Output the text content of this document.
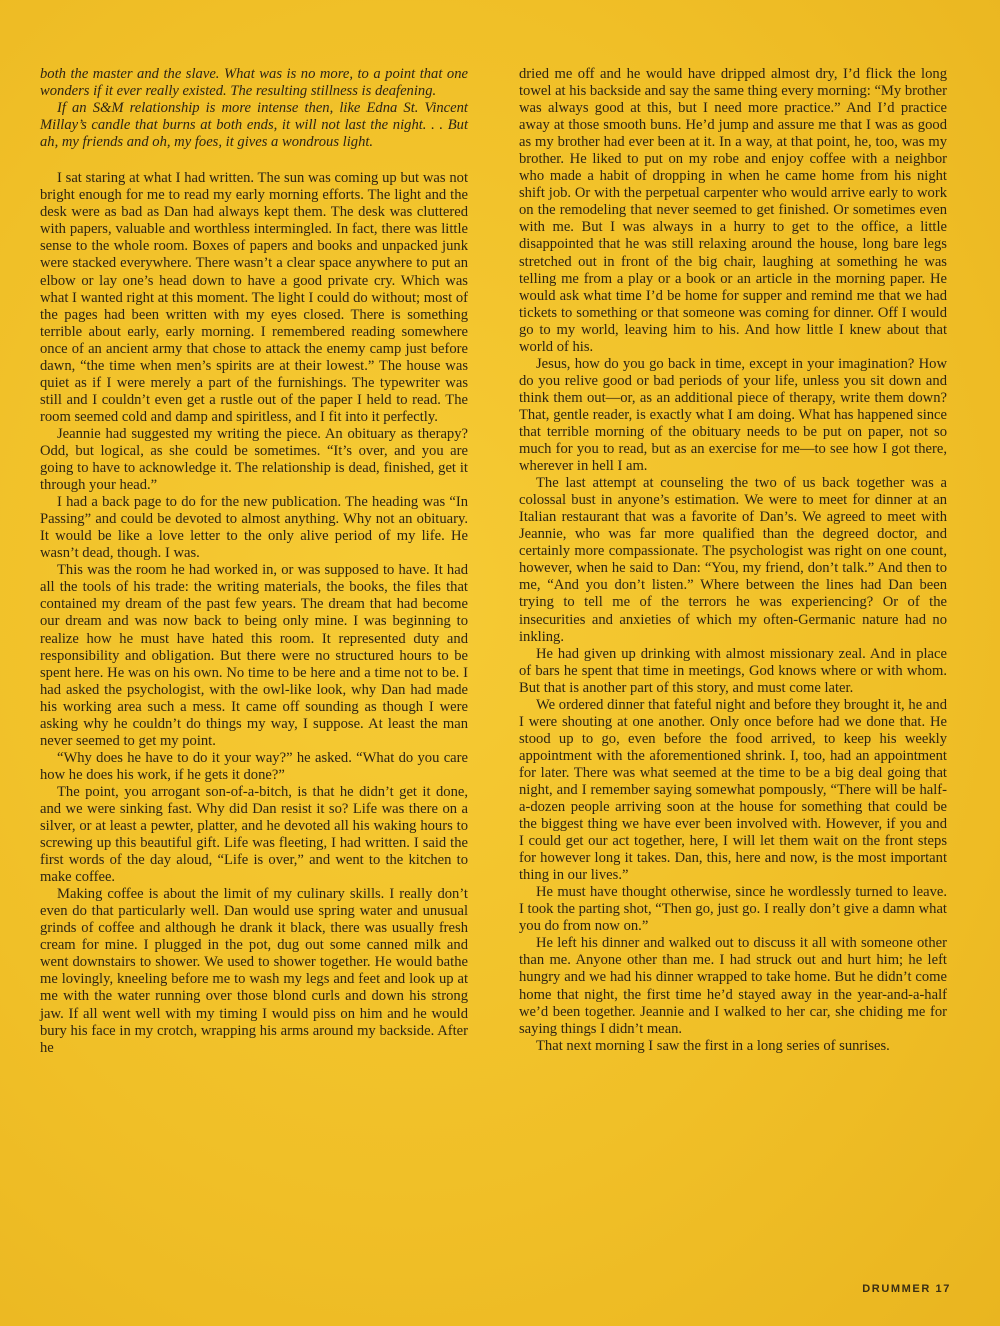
both the master and the slave. What was is no more, to a point that one wonders if it ever really existed. The resulting stillness is deafening.

If an S&M relationship is more intense then, like Edna St. Vincent Millay’s candle that burns at both ends, it will not last the night. . . But ah, my friends and oh, my foes, it gives a wondrous light.

I sat staring at what I had written. The sun was coming up but was not bright enough for me to read my early morning efforts. The light and the desk were as bad as Dan had always kept them. The desk was cluttered with papers, valuable and worthless intermingled. In fact, there was little sense to the whole room. Boxes of papers and books and unpacked junk were stacked everywhere. There wasn’t a clear space anywhere to put an elbow or lay one’s head down to have a good private cry. Which was what I wanted right at this moment. The light I could do without; most of the pages had been written with my eyes closed. There is something terrible about early, early morning. I remembered reading somewhere once of an ancient army that chose to attack the enemy camp just before dawn, “the time when men’s spirits are at their lowest.” The house was quiet as if I were merely a part of the furnishings. The typewriter was still and I couldn’t even get a rustle out of the paper I held to read. The room seemed cold and damp and spiritless, and I fit into it perfectly.

Jeannie had suggested my writing the piece. An obituary as therapy? Odd, but logical, as she could be sometimes. “It’s over, and you are going to have to acknowledge it. The relationship is dead, finished, get it through your head.”

I had a back page to do for the new publication. The heading was “In Passing” and could be devoted to almost anything. Why not an obituary. It would be like a love letter to the only alive period of my life. He wasn’t dead, though. I was.

This was the room he had worked in, or was supposed to have. It had all the tools of his trade: the writing materials, the books, the files that contained my dream of the past few years. The dream that had become our dream and was now back to being only mine. I was beginning to realize how he must have hated this room. It represented duty and responsibility and obligation. But there were no structured hours to be spent here. He was on his own. No time to be here and a time not to be. I had asked the psychologist, with the owl-like look, why Dan had made his working area such a mess. It came off sounding as though I were asking why he couldn’t do things my way, I suppose. At least the man never seemed to get my point.

“Why does he have to do it your way?” he asked. “What do you care how he does his work, if he gets it done?”

The point, you arrogant son-of-a-bitch, is that he didn’t get it done, and we were sinking fast. Why did Dan resist it so? Life was there on a silver, or at least a pewter, platter, and he devoted all his waking hours to screwing up this beautiful gift. Life was fleeting, I had written. I said the first words of the day aloud, “Life is over,” and went to the kitchen to make coffee.

Making coffee is about the limit of my culinary skills. I really don’t even do that particularly well. Dan would use spring water and unusual grinds of coffee and although he drank it black, there was usually fresh cream for mine. I plugged in the pot, dug out some canned milk and went downstairs to shower. We used to shower together. He would bathe me lovingly, kneeling before me to wash my legs and feet and look up at me with the water running over those blond curls and down his strong jaw. If all went well with my timing I would piss on him and he would bury his face in my crotch, wrapping his arms around my backside. After he

dried me off and he would have dripped almost dry, I’d flick the long towel at his backside and say the same thing every morning: “My brother was always good at this, but I need more practice.” And I’d practice away at those smooth buns. He’d jump and assure me that I was as good as my brother had ever been at it. In a way, at that point, he, too, was my brother. He liked to put on my robe and enjoy coffee with a neighbor who made a habit of dropping in when he came home from his night shift job. Or with the perpetual carpenter who would arrive early to work on the remodeling that never seemed to get finished. Or sometimes even with me. But I was always in a hurry to get to the office, a little disappointed that he was still relaxing around the house, long bare legs stretched out in front of the big chair, laughing at something he was telling me from a play or a book or an article in the morning paper. He would ask what time I’d be home for supper and remind me that we had tickets to something or that someone was coming for dinner. Off I would go to my world, leaving him to his. And how little I knew about that world of his.

Jesus, how do you go back in time, except in your imagination? How do you relive good or bad periods of your life, unless you sit down and think them out—or, as an additional piece of therapy, write them down? That, gentle reader, is exactly what I am doing. What has happened since that terrible morning of the obituary needs to be put on paper, not so much for you to read, but as an exercise for me—to see how I got there, wherever in hell I am.

The last attempt at counseling the two of us back together was a colossal bust in anyone’s estimation. We were to meet for dinner at an Italian restaurant that was a favorite of Dan’s. We agreed to meet with Jeannie, who was far more qualified than the degreed doctor, and certainly more compassionate. The psychologist was right on one count, however, when he said to Dan: “You, my friend, don’t talk.” And then to me, “And you don’t listen.” Where between the lines had Dan been trying to tell me of the terrors he was experiencing? Or of the insecurities and anxieties of which my often-Germanic nature had no inkling.

He had given up drinking with almost missionary zeal. And in place of bars he spent that time in meetings, God knows where or with whom. But that is another part of this story, and must come later.

We ordered dinner that fateful night and before they brought it, he and I were shouting at one another. Only once before had we done that. He stood up to go, even before the food arrived, to keep his weekly appointment with the aforementioned shrink. I, too, had an appointment for later. There was what seemed at the time to be a big deal going that night, and I remember saying somewhat pompously, “There will be half-a-dozen people arriving soon at the house for something that could be the biggest thing we have ever been involved with. However, if you and I could get our act together, here, I will let them wait on the front steps for however long it takes. Dan, this, here and now, is the most important thing in our lives.”

He must have thought otherwise, since he wordlessly turned to leave. I took the parting shot, “Then go, just go. I really don’t give a damn what you do from now on.”

He left his dinner and walked out to discuss it all with someone other than me. Anyone other than me. I had struck out and hurt him; he left hungry and we had his dinner wrapped to take home. But he didn’t come home that night, the first time he’d stayed away in the year-and-a-half we’d been together. Jeannie and I walked to her car, she chiding me for saying things I didn’t mean.

That next morning I saw the first in a long series of sunrises.

DRUMMER 17
